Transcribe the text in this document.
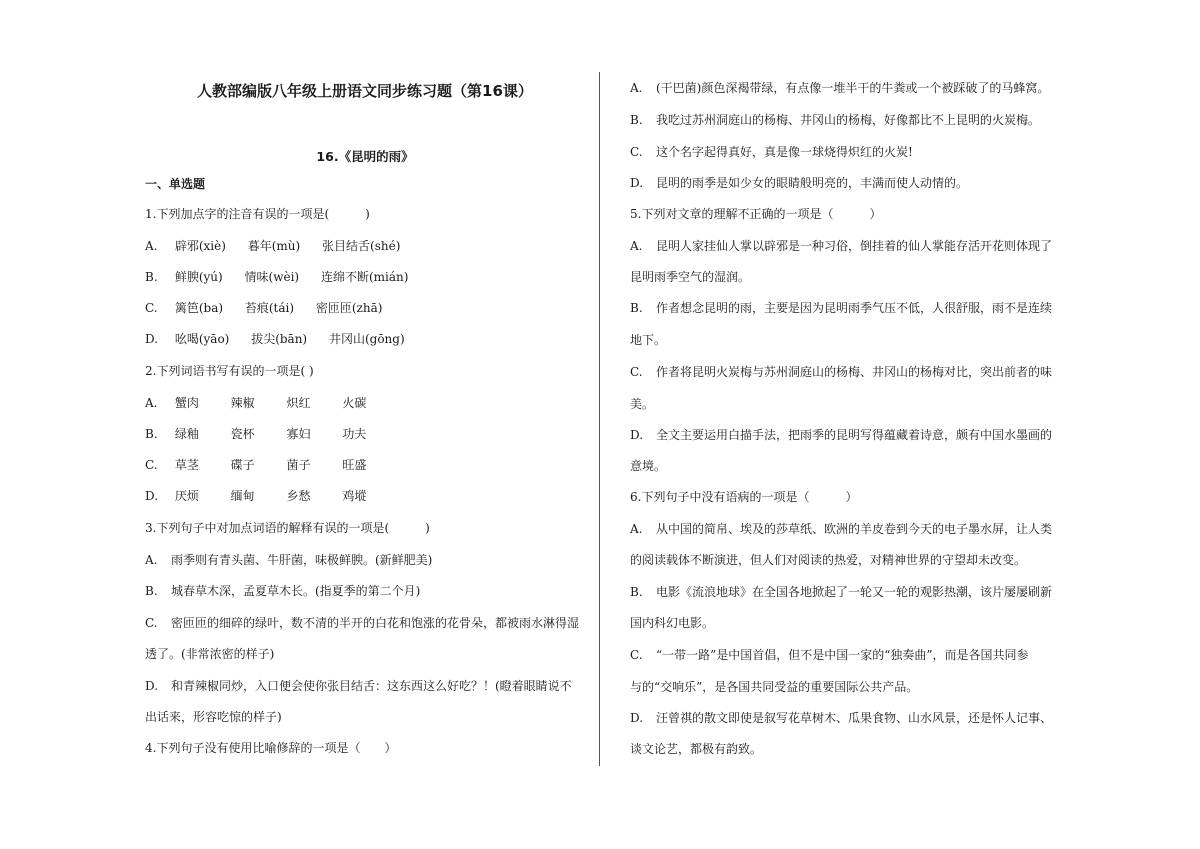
人教部编版八年级上册语文同步练习题（第16课）
16.《昆明的雨》
一、单选题
1.下列加点字的注音有误的一项是(　　　)
A. 辟邪(xiè) 暮年(mù) 张目结舌(shé)
B. 鲜腴(yú) 情味(wèi) 连绵不断(mián)
C. 篱笆(ba) 苔痕(tái) 密匝匝(zhā)
D. 吆喝(yāo) 拔尖(bān) 井冈山(gōng)
2.下列词语书写有误的一项是( )
A. 蟹肉	辣椒	炽红	火碳
B. 绿釉	瓷杯	寡妇	功夫
C. 草茎	碟子	菌子	旺盛
D. 厌烦	缅甸	乡愁	鸡㙡
3.下列句子中对加点词语的解释有误的一项是(　　　)
A. 雨季则有青头菌、牛肝菌，味极鲜腴。(新鲜肥美)
B. 城春草木深，孟夏草木长。(指夏季的第二个月)
C. 密匝匝的细碎的绿叶，数不清的半开的白花和饱涨的花骨朵，都被雨水淋得湿
透了。(非常浓密的样子)
D. 和青辣椒同炒，入口便会使你张目结舌：这东西这么好吃？！(瞪着眼睛说不
出话来，形容吃惊的样子)
4.下列句子没有使用比喻修辞的一项是（　　）
A. (干巴菌)颜色深褐带绿，有点像一堆半干的牛粪或一个被踩破了的马蜂窝。
B. 我吃过苏州洞庭山的杨梅、井冈山的杨梅，好像都比不上昆明的火炭梅。
C. 这个名字起得真好，真是像一球烧得炽红的火炭!
D. 昆明的雨季是如少女的眼睛般明亮的，丰满而使人动情的。
5.下列对文章的理解不正确的一项是（　　　）
A. 昆明人家挂仙人掌以辟邪是一种习俗，倒挂着的仙人掌能存活开花则体现了
昆明雨季空气的湿润。
B. 作者想念昆明的雨，主要是因为昆明雨季气压不低，人很舒服，雨不是连续
地下。
C. 作者将昆明火炭梅与苏州洞庭山的杨梅、井冈山的杨梅对比，突出前者的味
美。
D. 全文主要运用白描手法，把雨季的昆明写得蕴藏着诗意，颇有中国水墨画的
意境。
6.下列句子中没有语病的一项是（　　　）
A. 从中国的简帛、埃及的莎草纸、欧洲的羊皮卷到今天的电子墨水屏，让人类
的阅读载体不断演进，但人们对阅读的热爱，对精神世界的守望却未改变。
B. 电影《流浪地球》在全国各地掀起了一轮又一轮的观影热潮，该片屡屡刷新
国内科幻电影。
C. “一带一路”是中国首倡，但不是中国一家的“独奏曲”，而是各国共同参
与的“交响乐”，是各国共同受益的重要国际公共产品。
D. 汪曾祺的散文即使是叙写花草树木、瓜果食物、山水风景，还是怀人记事、
谈文论艺，都极有韵致。
